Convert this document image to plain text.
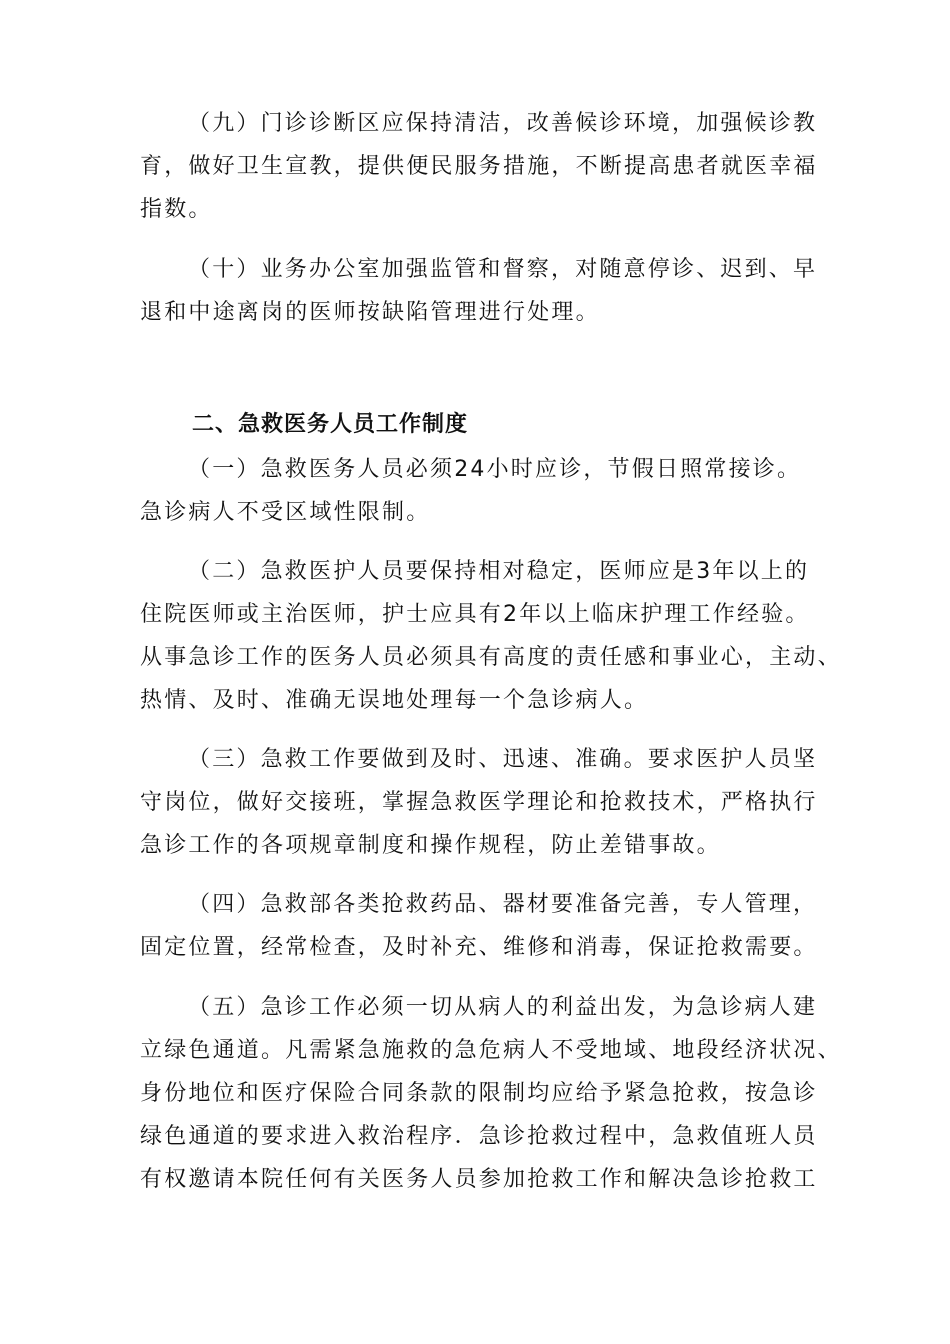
（九）门诊诊断区应保持清洁，改善候诊环境，加强候诊教
育，做好卫生宣教，提供便民服务措施，不断提高患者就医幸福
指数。
（十）业务办公室加强监管和督察，对随意停诊、迟到、早
退和中途离岗的医师按缺陷管理进行处理。
二、急救医务人员工作制度
（一）急救医务人员必须24小时应诊，节假日照常接诊。
急诊病人不受区域性限制。
（二）急救医护人员要保持相对稳定，医师应是3年以上的
住院医师或主治医师，护士应具有2年以上临床护理工作经验。
从事急诊工作的医务人员必须具有高度的责任感和事业心，主动、
热情、及时、准确无误地处理每一个急诊病人。
（三）急救工作要做到及时、迅速、准确。要求医护人员坚
守岗位，做好交接班，掌握急救医学理论和抢救技术，严格执行
急诊工作的各项规章制度和操作规程，防止差错事故。
（四）急救部各类抢救药品、器材要准备完善，专人管理，
固定位置，经常检查，及时补充、维修和消毒，保证抢救需要。
（五）急诊工作必须一切从病人的利益出发，为急诊病人建
立绿色通道。凡需紧急施救的急危病人不受地域、地段经济状况、
身份地位和医疗保险合同条款的限制均应给予紧急抢救，按急诊
绿色通道的要求进入救治程序．急诊抢救过程中，急救值班人员
有权邀请本院任何有关医务人员参加抢救工作和解决急诊抢救工
